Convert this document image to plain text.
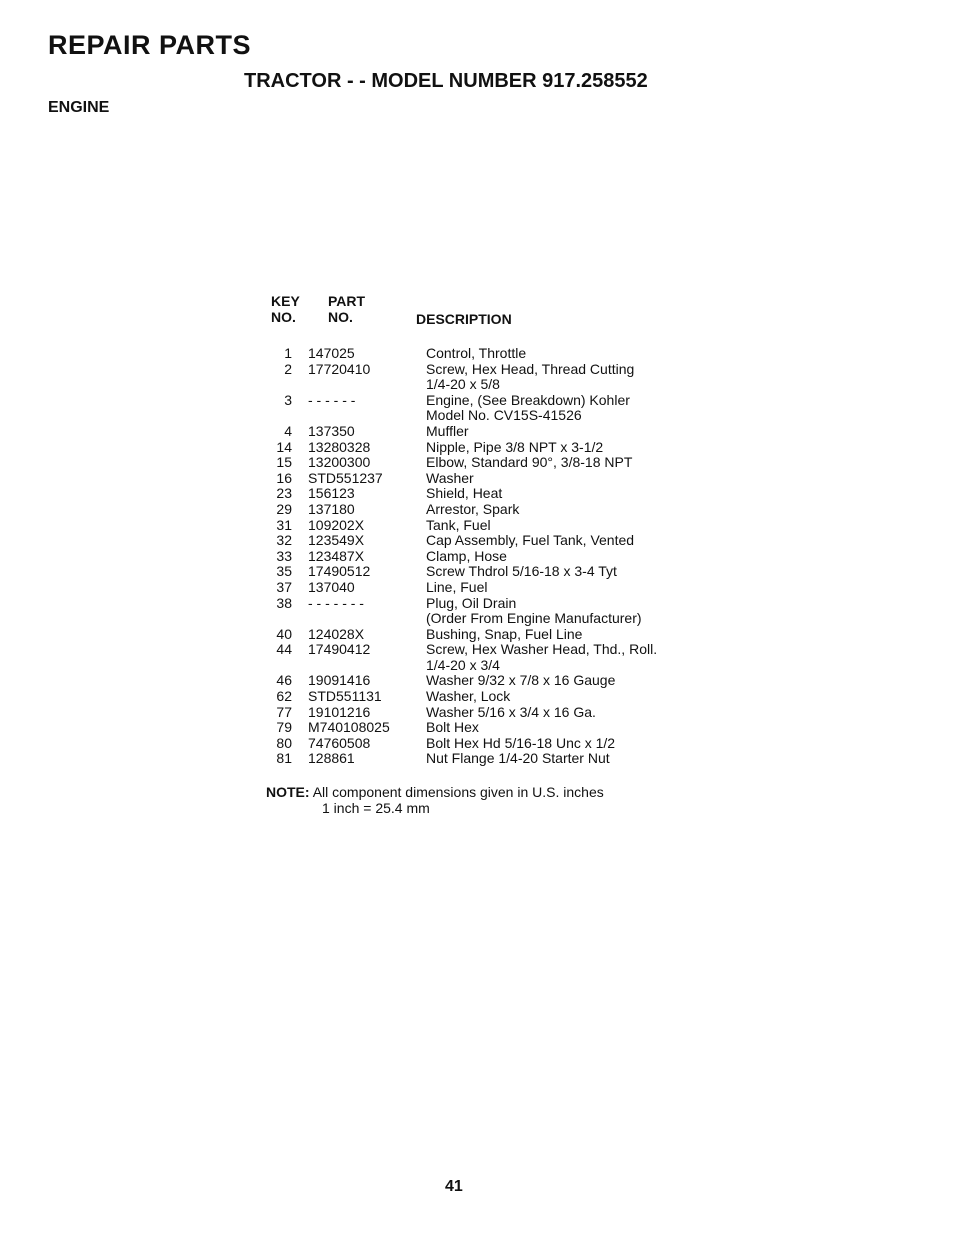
REPAIR PARTS
TRACTOR - - MODEL NUMBER 917.258552
ENGINE
KEY
NO.
PART
NO.	DESCRIPTION
1	147025	Control, Throttle
2	17720410	Screw, Hex Head, Thread Cutting
1/4-20 x 5/8
3	- - - - - -	Engine, (See Breakdown) Kohler
Model No. CV15S-41526
4	137350	Muffler
14	13280328	Nipple, Pipe 3/8 NPT x 3-1/2
15	13200300	Elbow, Standard 90°, 3/8-18 NPT
16	STD551237	Washer
23	156123	Shield, Heat
29	137180	Arrestor, Spark
31	109202X	Tank, Fuel
32	123549X	Cap Assembly, Fuel Tank, Vented
33	123487X	Clamp, Hose
35	17490512	Screw Thdrol 5/16-18 x 3-4 Tyt
37	137040	Line, Fuel
38	- - - - - - -	Plug, Oil Drain
(Order From Engine Manufacturer)
40	124028X	Bushing, Snap, Fuel Line
44	17490412	Screw, Hex Washer Head, Thd., Roll.
1/4-20 x 3/4
46	19091416	Washer 9/32 x 7/8 x 16 Gauge
62	STD551131	Washer, Lock
77	19101216	Washer 5/16 x 3/4 x 16 Ga.
79	M740108025	Bolt Hex
80	74760508	Bolt Hex Hd 5/16-18 Unc x 1/2
81	128861	Nut Flange 1/4-20 Starter Nut
NOTE: All component dimensions given in U.S. inches
1 inch = 25.4 mm
41
